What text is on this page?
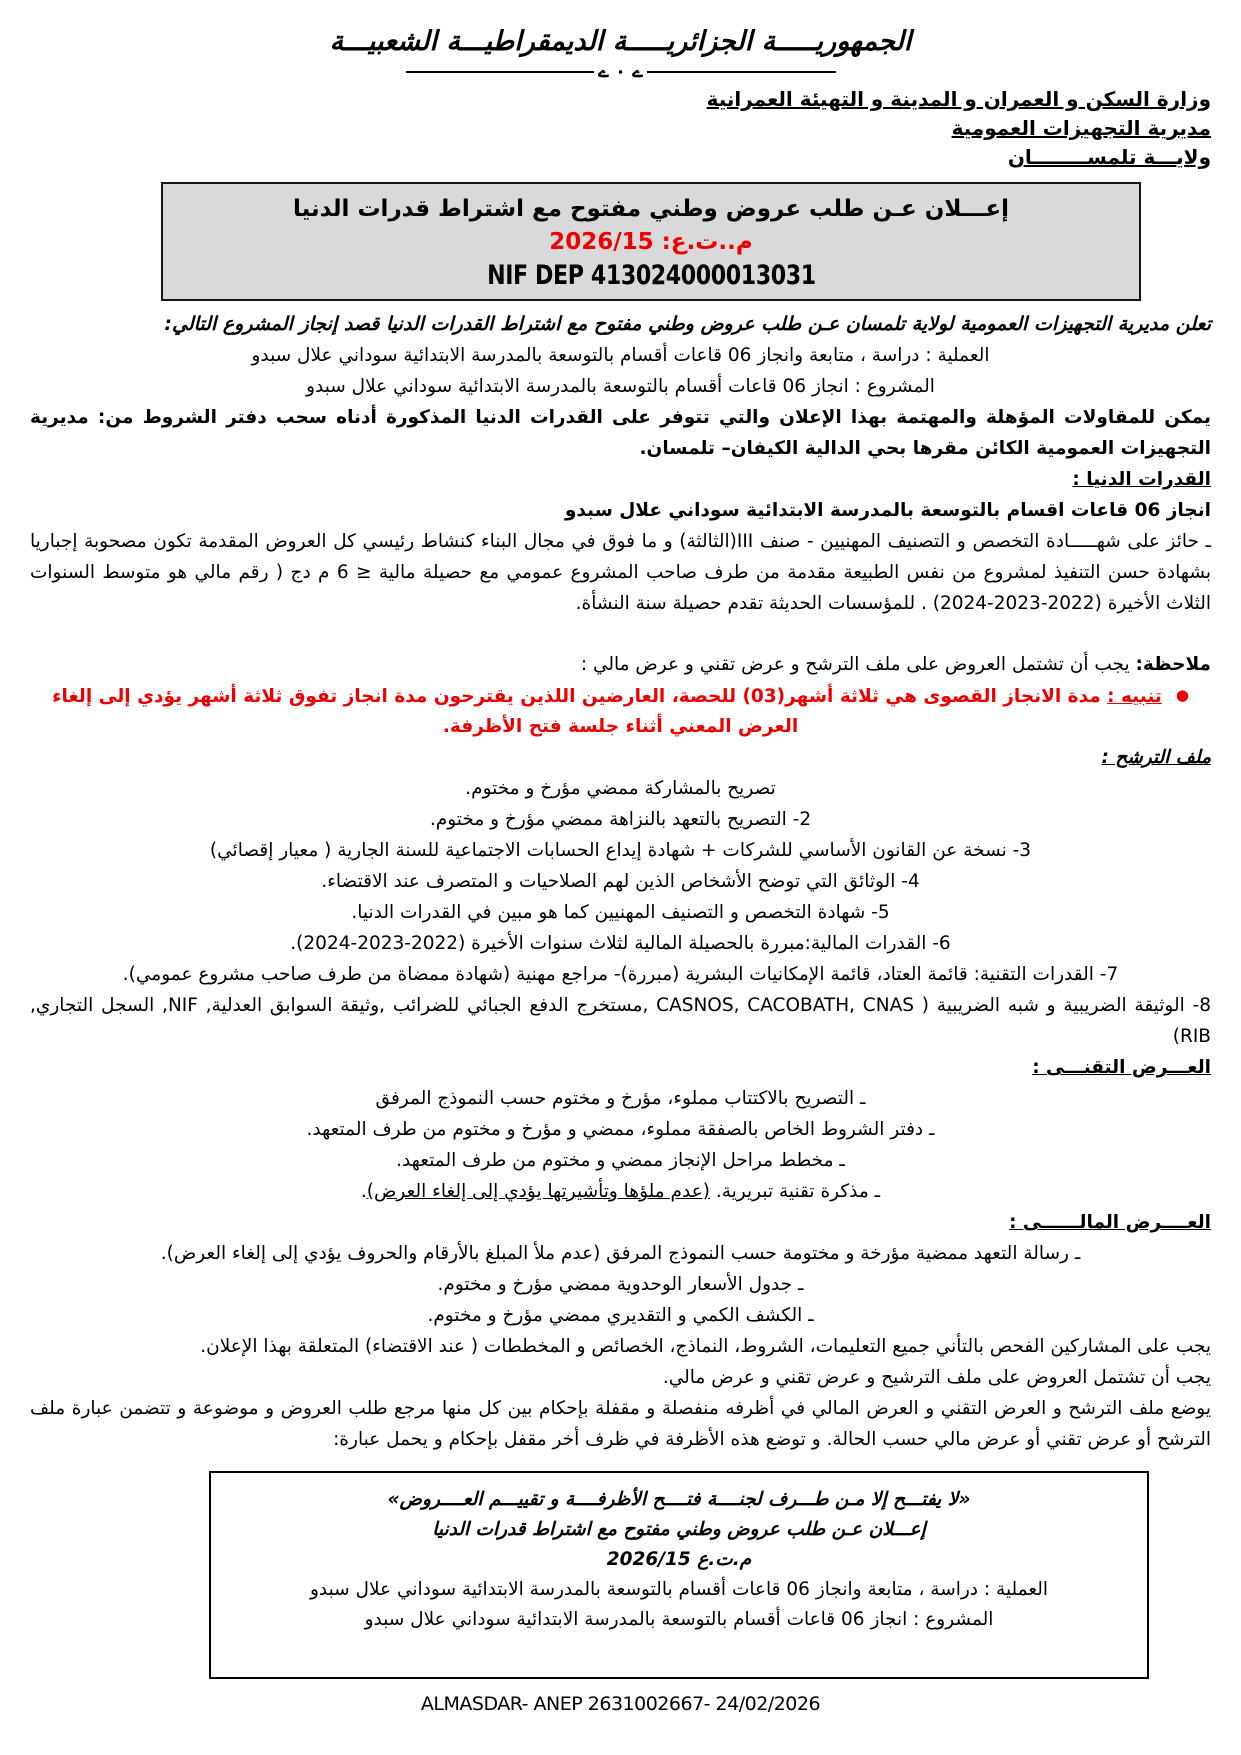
الجمهوريـــــة الجزائريـــــة الديمقراطيـــة الشعبيـــة
ے ۰ ے
وزارة السكن و العمران و المدينة و التهيئة العمرانية
مديرية التجهيزات العمومية
ولايـــة تلمســــــــان
إعـــلان عـن طلب عروض وطني مفتوح مع اشتراط قدرات الدنيا
م..ت.ع: 2026/15
NIF DEP 413024000013031

تعلن مديرية التجهيزات العمومية لولاية تلمسان عـن طلب عروض وطني مفتوح مع اشتراط القدرات الدنيا قصد إنجاز المشروع التالي:

العملية : دراسة ، متابعة وانجاز 06 قاعات أقسام بالتوسعة بالمدرسة الابتدائية سوداني علال سبدو

المشروع : انجاز 06 قاعات أقسام بالتوسعة بالمدرسة الابتدائية سوداني علال سبدو

يمكن للمقاولات المؤهلة والمهتمة بهذا الإعلان والتي تتوفر على القدرات الدنيا المذكورة أدناه سحب دفتر الشروط من: مديرية التجهيزات العمومية الكائن مقرها بحي الدالية الكيفان– تلمسان.

القدرات الدنيا :

انجاز 06 قاعات اقسام بالتوسعة بالمدرسة الابتدائية سوداني علال سبدو

ـ حائز على شهـــــادة التخصص و التصنيف المهنيين - صنف III(الثالثة) و ما فوق في مجال البناء كنشاط رئيسي كل العروض المقدمة تكون مصحوبة إجباريا بشهادة حسن التنفيذ لمشروع من نفس الطبيعة مقدمة من طرف صاحب المشروع عمومي مع حصيلة مالية ≤ 6 م دج ( رقم مالي هو متوسط السنوات الثلاث الأخيرة (2022-2023-2024) . للمؤسسات الحديثة تقدم حصيلة سنة النشأة.

ملاحظة: يجب أن تشتمل العروض على ملف الترشح و عرض تقني و عرض مالي :

●تنبيه : مدة الانجاز القصوى هي ثلاثة أشهر(03) للحصة، العارضين اللذين يقترحون مدة انجاز تفوق ثلاثة أشهر يؤدي إلى إلغاء العرض المعني أثناء جلسة فتح الأظرفة.

ملف الترشح :

تصريح بالمشاركة ممضي مؤرخ و مختوم.

2- التصريح بالتعهد بالنزاهة ممضي مؤرخ و مختوم.

3- نسخة عن القانون الأساسي للشركات + شهادة إيداع الحسابات الاجتماعية للسنة الجارية ( معيار إقصائي)

4- الوثائق التي توضح الأشخاص الذين لهم الصلاحيات و المتصرف عند الاقتضاء.

5- شهادة التخصص و التصنيف المهنيين كما هو مبين في القدرات الدنيا.

6- القدرات المالية:مبررة بالحصيلة المالية لثلاث سنوات الأخيرة (2022-2023-2024).

7- القدرات التقنية: قائمة العتاد، قائمة الإمكانيات البشرية (مبررة)- مراجع مهنية (شهادة ممضاة من طرف صاحب مشروع عمومي).

8- الوثيقة الضريبية و شبه الضريبية ( CASNOS, CACOBATH, CNAS ,مستخرج الدفع الجبائي للضرائب ,وثيقة السوابق العدلية, NIF, السجل التجاري, RIB)

العـــرض التقنـــى :

ـ التصريح بالاكتتاب مملوء، مؤرخ و مختوم حسب النموذج المرفق

ـ دفتر الشروط الخاص بالصفقة مملوء، ممضي و مؤرخ و مختوم من طرف المتعهد.

ـ مخطط مراحل الإنجاز ممضي و مختوم من طرف المتعهد.

ـ مذكرة تقنية تبريرية. (عدم ملؤها وتأشيرتها يؤدي إلى إلغاء العرض).

العــــرض المالــــــى :

ـ رسالة التعهد ممضية مؤرخة و مختومة حسب النموذج المرفق (عدم ملأ المبلغ بالأرقام والحروف يؤدي إلى إلغاء العرض).

ـ جدول الأسعار الوحدوية ممضي مؤرخ و مختوم.

ـ الكشف الكمي و التقديري ممضي مؤرخ و مختوم.

يجب على المشاركين الفحص بالتأني جميع التعليمات، الشروط، النماذج، الخصائص و المخططات ( عند الاقتضاء) المتعلقة بهذا الإعلان.

يجب أن تشتمل العروض على ملف الترشيح و عرض تقني و عرض مالي.

يوضع ملف الترشح و العرض التقني و العرض المالي في أظرفه منفصلة و مقفلة بإحكام بين كل منها مرجع طلب العروض و موضوعة و تتضمن عبارة ملف الترشح أو عرض تقني أو عرض مالي حسب الحالة. و توضع هذه الأظرفة في ظرف أخر مقفل بإحكام و يحمل عبارة:

«لا يفتـــح إلا مـن طـــرف لجنــــة فتــــح الأظرفــــة و تقييـــم العــــروض»
إعـــلان عـن طلب عروض وطني مفتوح مع اشتراط قدرات الدنيا
م.ت.ع 2026/15
العملية : دراسة ، متابعة وانجاز 06 قاعات أقسام بالتوسعة بالمدرسة الابتدائية سوداني علال سبدو
المشروع : انجاز 06 قاعات أقسام بالتوسعة بالمدرسة الابتدائية سوداني علال سبدو
ALMASDAR- ANEP 2631002667- 24/02/2026
